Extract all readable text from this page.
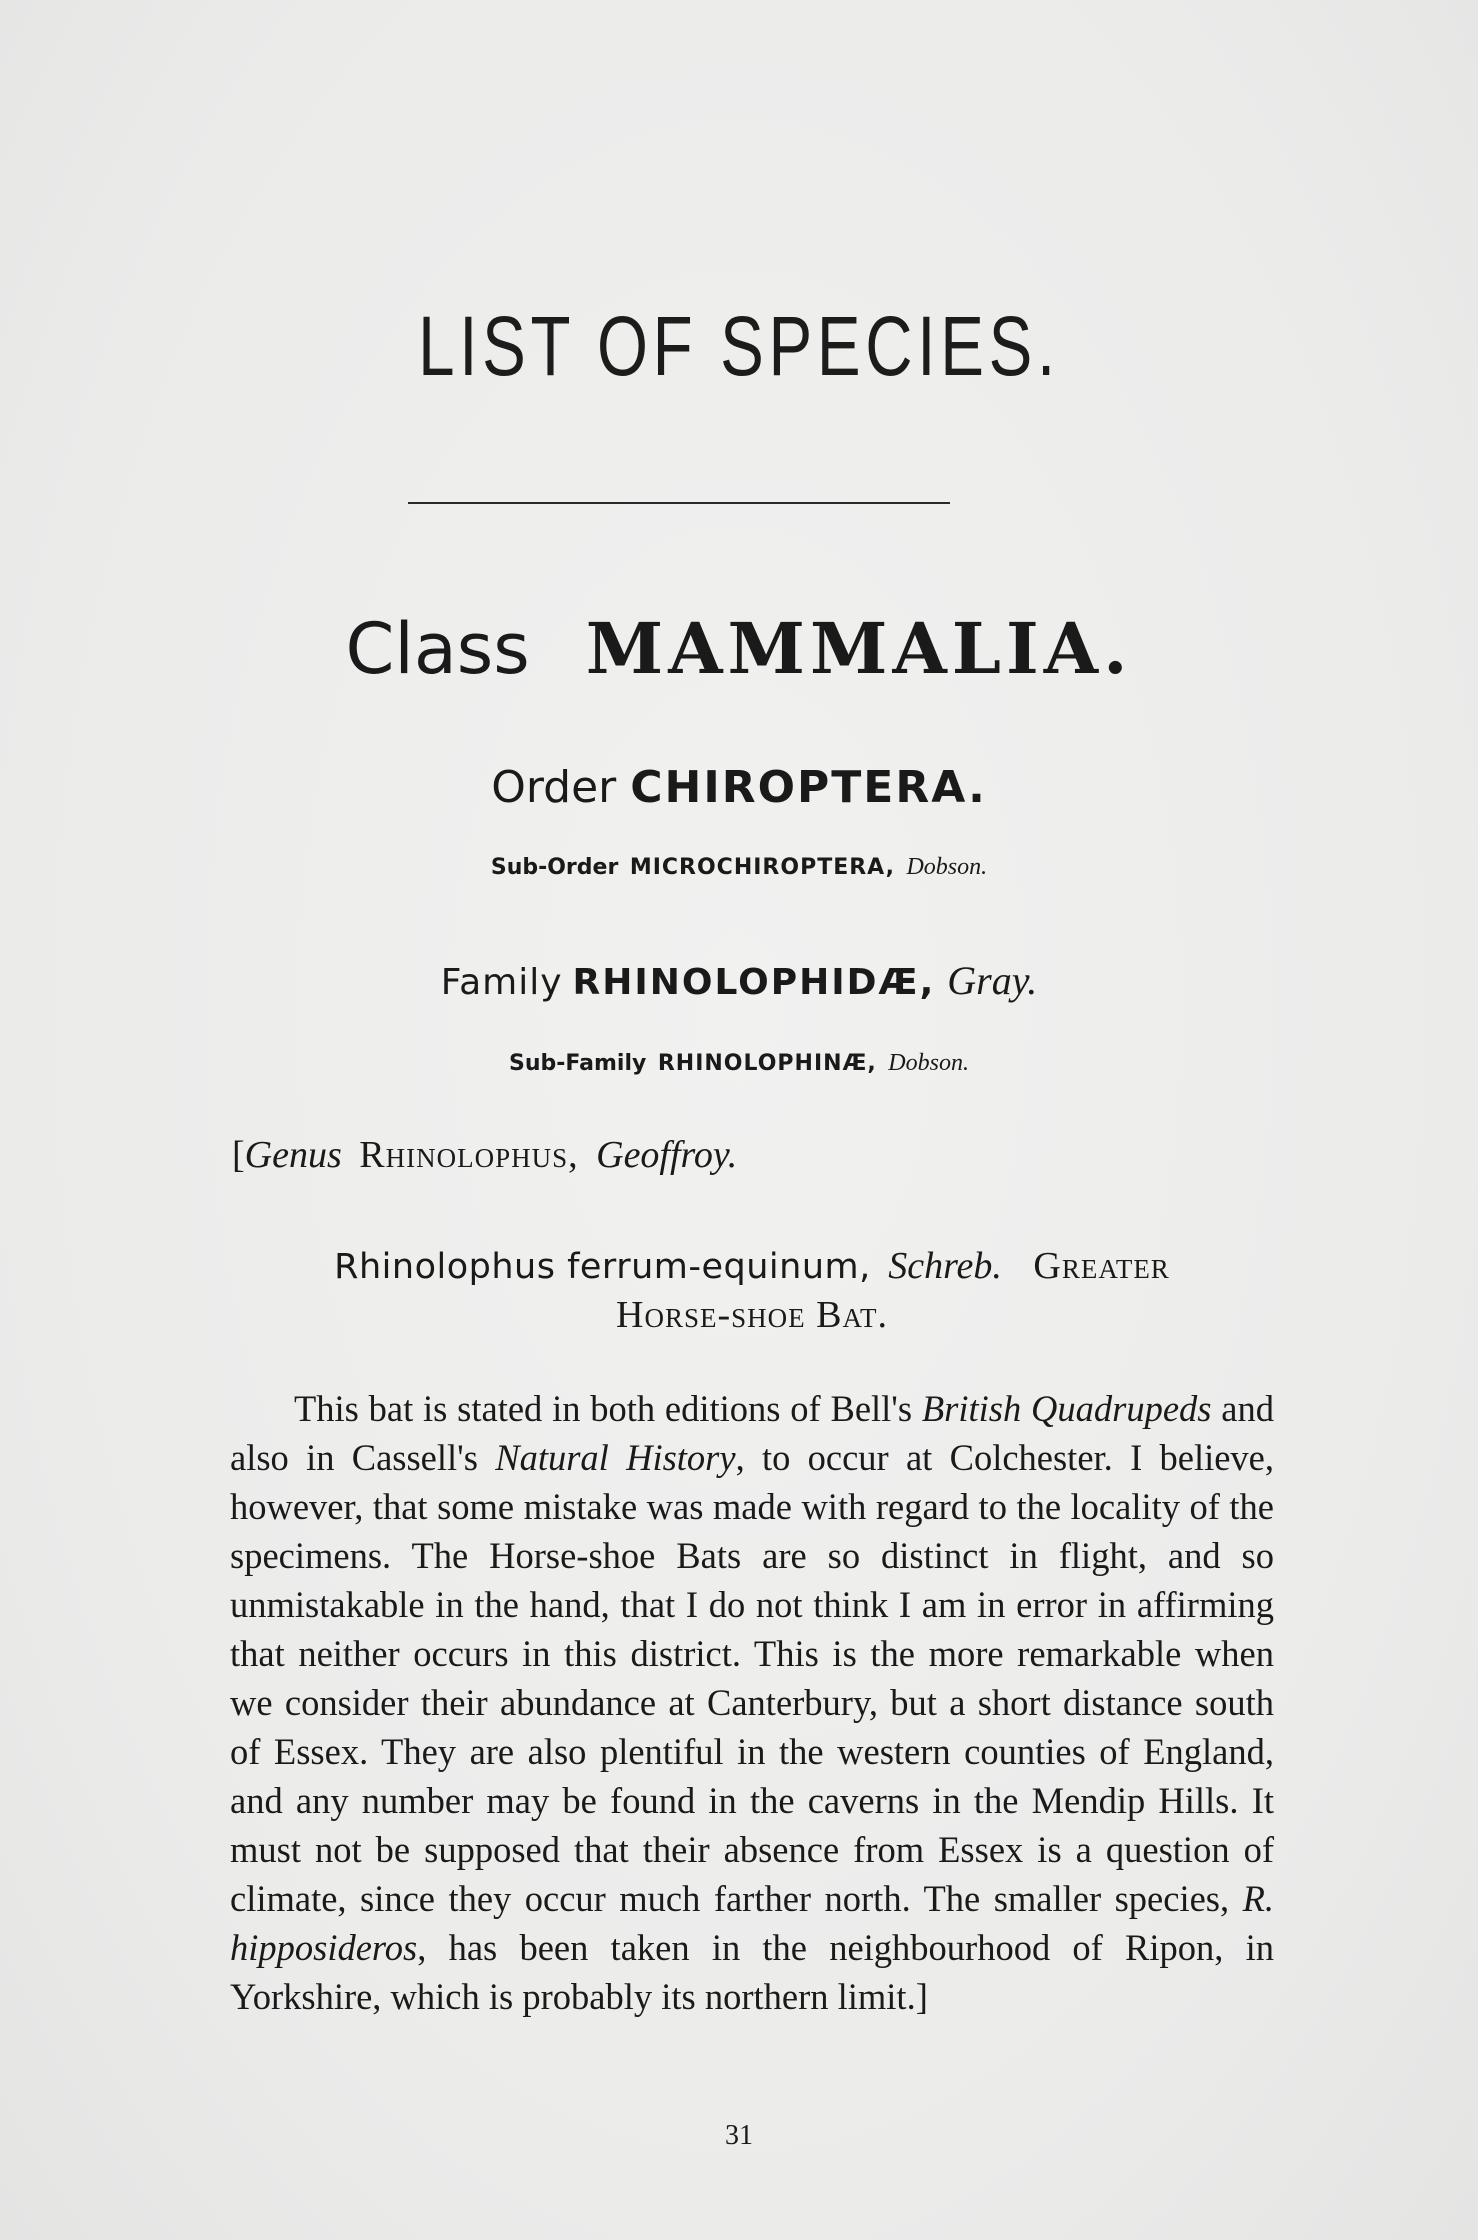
LIST OF SPECIES.
Class MAMMALIA.
Order CHIROPTERA.
Sub-Order MICROCHIROPTERA, Dobson.
Family RHINOLOPHIDÆ, Gray.
Sub-Family RHINOLOPHINÆ, Dobson.
[Genus Rhinolophus, Geoffroy.
Rhinolophus ferrum-equinum, Schreb. Greater
Horse-shoe Bat.
This bat is stated in both editions of Bell's British Quadrupeds and also in Cassell's Natural History, to occur at Colchester. I believe, however, that some mistake was made with regard to the locality of the specimens. The Horse-shoe Bats are so distinct in flight, and so unmistakable in the hand, that I do not think I am in error in affirming that neither occurs in this district. This is the more remarkable when we consider their abundance at Canterbury, but a short distance south of Essex. They are also plentiful in the western counties of England, and any number may be found in the caverns in the Mendip Hills. It must not be supposed that their absence from Essex is a question of climate, since they occur much farther north. The smaller species, R. hipposideros, has been taken in the neighbourhood of Ripon, in Yorkshire, which is probably its northern limit.]
31
